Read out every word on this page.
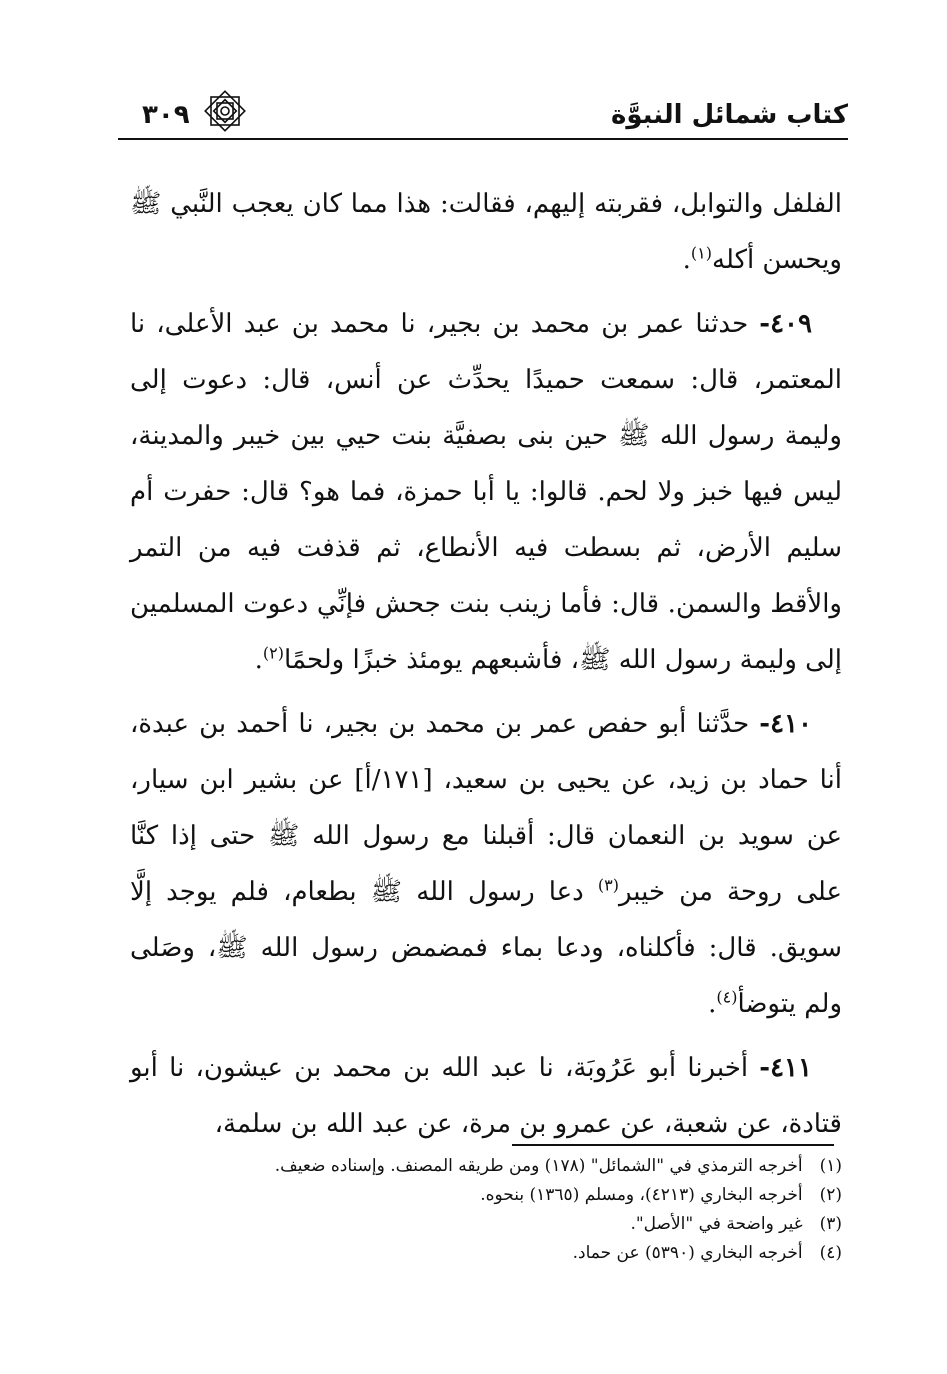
كتاب شمائل النبوَّة
٣٠٩

الفلفل والتوابل، فقربته إليهم، فقالت: هذا مما كان يعجب النَّبي ﷺ ويحسن أكله$^{(١)}$.

٤٠٩- حدثنا عمر بن محمد بن بجير، نا محمد بن عبد الأعلى، نا المعتمر، قال: سمعت حميدًا يحدِّث عن أنس، قال: دعوت إلى وليمة رسول الله ﷺ حين بنى بصفيَّة بنت حيي بين خيبر والمدينة، ليس فيها خبز ولا لحم. قالوا: يا أبا حمزة، فما هو؟ قال: حفرت أم سليم الأرض، ثم بسطت فيه الأنطاع، ثم قذفت فيه من التمر والأقط والسمن. قال: فأما زينب بنت جحش فإنِّي دعوت المسلمين إلى وليمة رسول الله ﷺ، فأشبعهم يومئذ خبزًا ولحمًا$^{(٢)}$.

٤١٠- حدَّثنا أبو حفص عمر بن محمد بن بجير، نا أحمد بن عبدة، أنا حماد بن زيد، عن يحيى بن سعيد، [١٧١/أ] عن بشير ابن سيار، عن سويد بن النعمان قال: أقبلنا مع رسول الله ﷺ حتى إذا كنَّا على روحة من خيبر$^{(٣)}$ دعا رسول الله ﷺ بطعام، فلم يوجد إلَّا سويق. قال: فأكلناه، ودعا بماء فمضمض رسول الله ﷺ، وصَلى ولم يتوضأ$^{(٤)}$.

٤١١- أخبرنا أبو عَرُوبَة، نا عبد الله بن محمد بن عيشون، نا أبو قتادة، عن شعبة، عن عمرو بن مرة، عن عبد الله بن سلمة،

(١) أخرجه الترمذي في "الشمائل" (١٧٨) ومن طريقه المصنف. وإسناده ضعيف.
(٢) أخرجه البخاري (٤٢١٣)، ومسلم (١٣٦٥) بنحوه.
(٣) غير واضحة في "الأصل".
(٤) أخرجه البخاري (٥٣٩٠) عن حماد.
